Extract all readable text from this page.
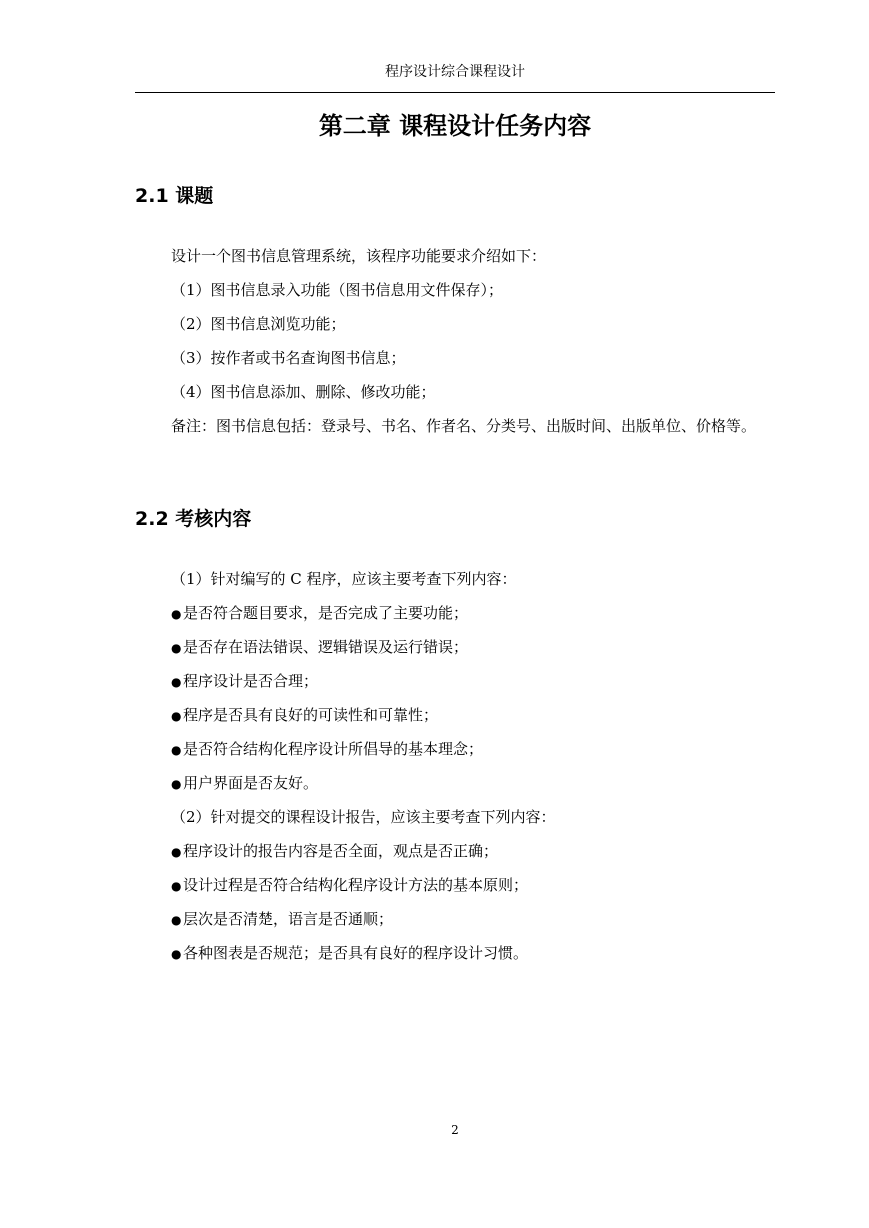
程序设计综合课程设计
第二章 课程设计任务内容
2.1 课题
设计一个图书信息管理系统，该程序功能要求介绍如下：
（1）图书信息录入功能（图书信息用文件保存）；
（2）图书信息浏览功能；
（3）按作者或书名查询图书信息；
（4）图书信息添加、删除、修改功能；
备注：图书信息包括：登录号、书名、作者名、分类号、出版时间、出版单位、价格等。
2.2 考核内容
（1）针对编写的 C 程序，应该主要考查下列内容：
● 是否符合题目要求，是否完成了主要功能；
● 是否存在语法错误、逻辑错误及运行错误；
● 程序设计是否合理；
● 程序是否具有良好的可读性和可靠性；
● 是否符合结构化程序设计所倡导的基本理念；
● 用户界面是否友好。
（2）针对提交的课程设计报告，应该主要考查下列内容：
● 程序设计的报告内容是否全面，观点是否正确；
● 设计过程是否符合结构化程序设计方法的基本原则；
● 层次是否清楚，语言是否通顺；
● 各种图表是否规范；是否具有良好的程序设计习惯。
2
